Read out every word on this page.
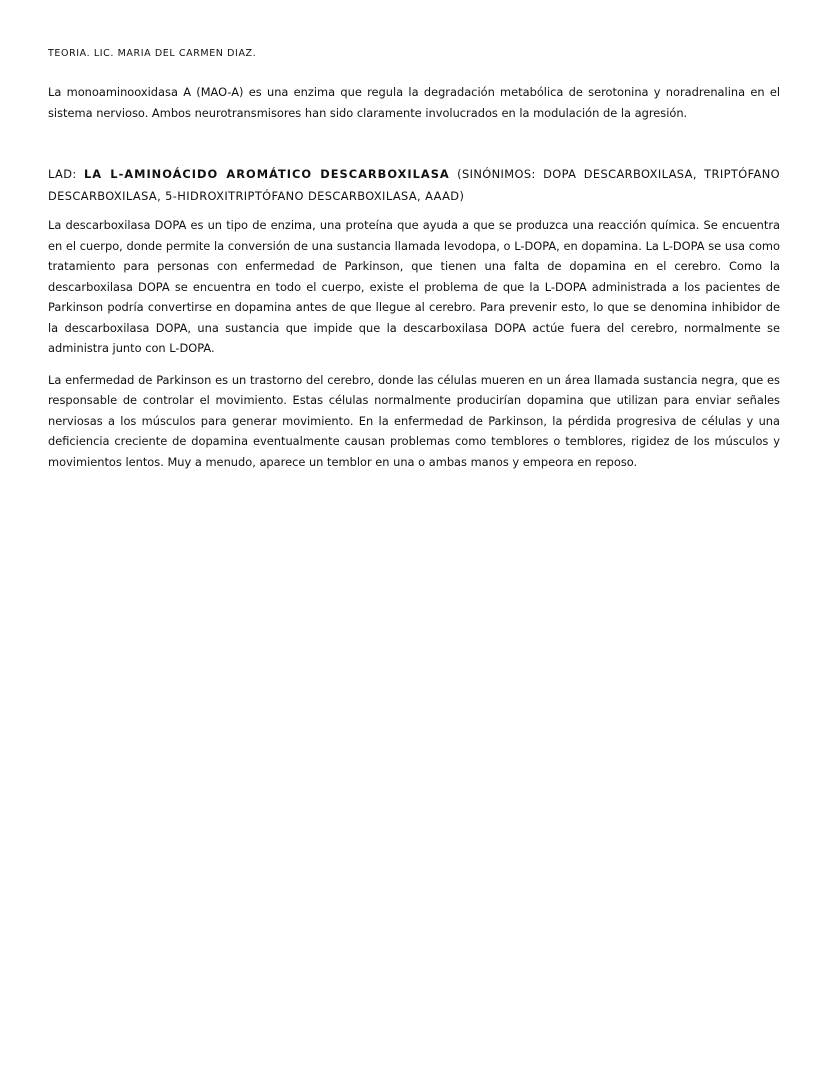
TEORIA. LIC. MARIA DEL CARMEN DIAZ.

La monoaminooxidasa A (MAO-A) es una enzima que regula la degradación metabólica de serotonina y noradrenalina en el sistema nervioso. Ambos neurotransmisores han sido claramente involucrados en la modulación de la agresión.

LAD: LA L-AMINOÁCIDO AROMÁTICO DESCARBOXILASA (SINÓNIMOS: DOPA DESCARBOXILASA, TRIPTÓFANO DESCARBOXILASA, 5-HIDROXITRIPTÓFANO DESCARBOXILASA, AAAD)

La descarboxilasa DOPA es un tipo de enzima, una proteína que ayuda a que se produzca una reacción química. Se encuentra en el cuerpo, donde permite la conversión de una sustancia llamada levodopa, o L-DOPA, en dopamina. La L-DOPA se usa como tratamiento para personas con enfermedad de Parkinson, que tienen una falta de dopamina en el cerebro. Como la descarboxilasa DOPA se encuentra en todo el cuerpo, existe el problema de que la L-DOPA administrada a los pacientes de Parkinson podría convertirse en dopamina antes de que llegue al cerebro. Para prevenir esto, lo que se denomina inhibidor de la descarboxilasa DOPA, una sustancia que impide que la descarboxilasa DOPA actúe fuera del cerebro, normalmente se administra junto con L-DOPA.

La enfermedad de Parkinson es un trastorno del cerebro, donde las células mueren en un área llamada sustancia negra, que es responsable de controlar el movimiento. Estas células normalmente producirían dopamina que utilizan para enviar señales nerviosas a los músculos para generar movimiento. En la enfermedad de Parkinson, la pérdida progresiva de células y una deficiencia creciente de dopamina eventualmente causan problemas como temblores o temblores, rigidez de los músculos y movimientos lentos. Muy a menudo, aparece un temblor en una o ambas manos y empeora en reposo.
